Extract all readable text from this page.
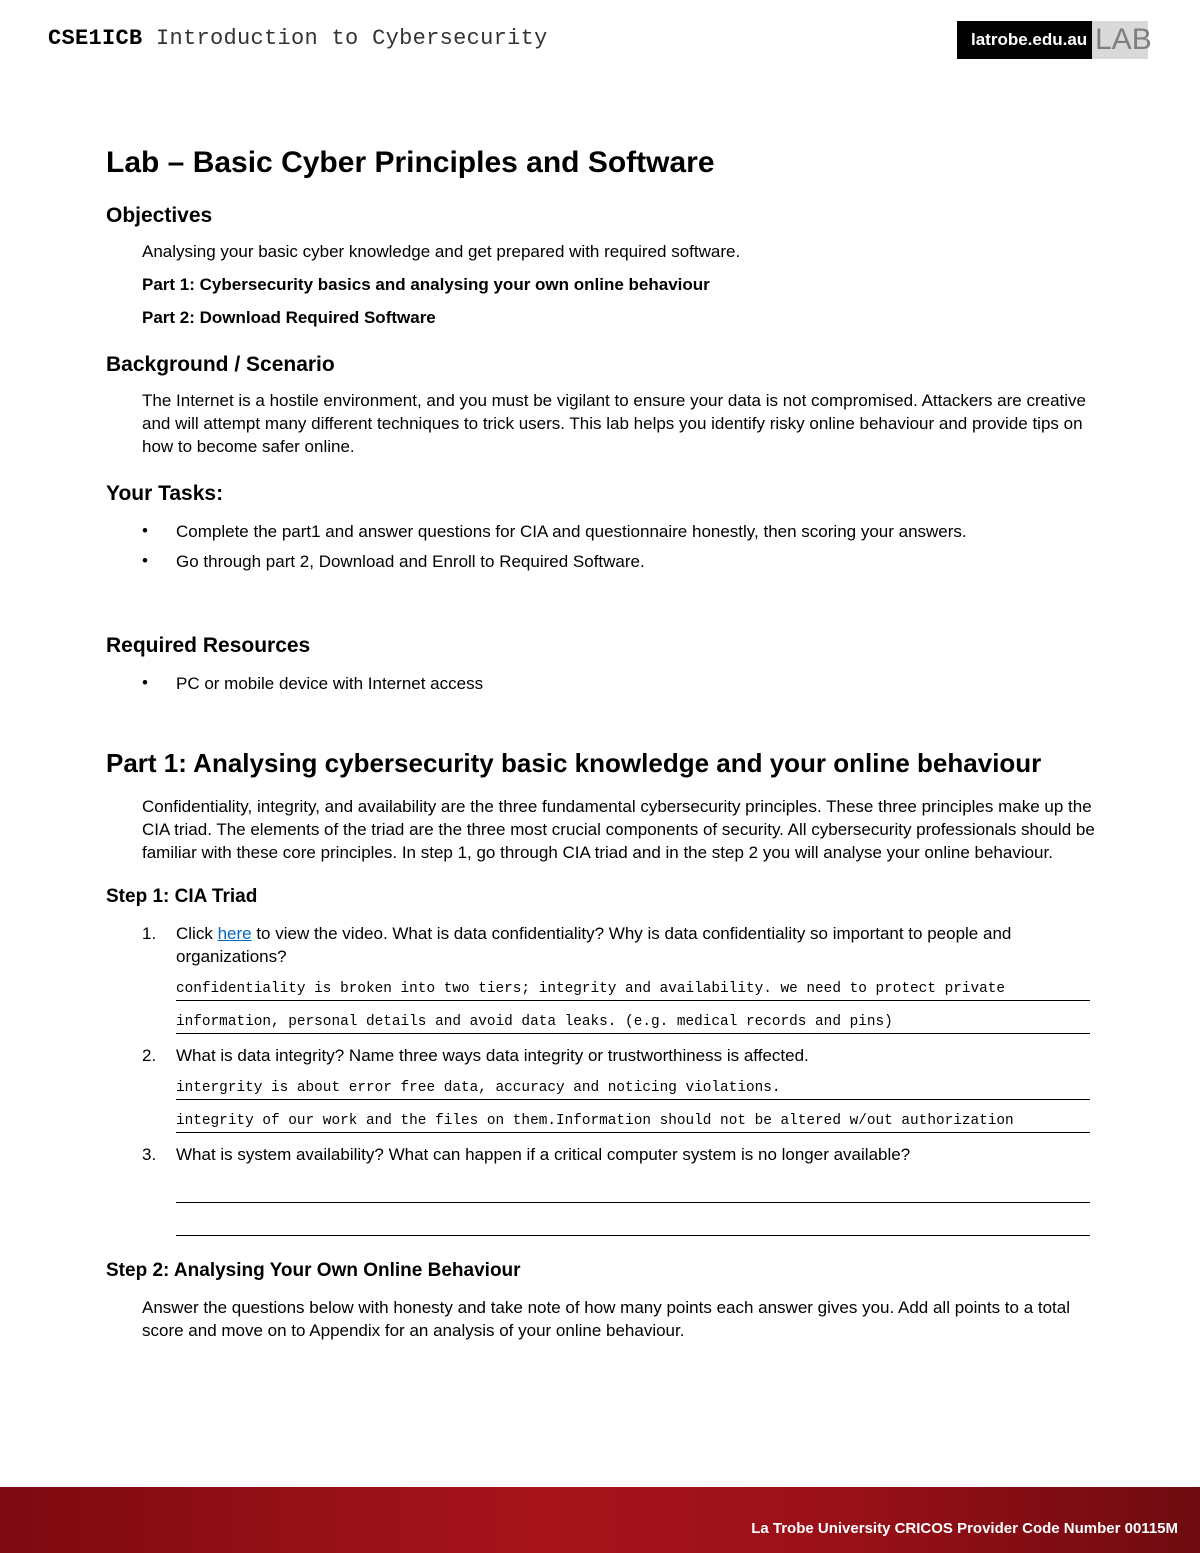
CSE1ICB Introduction to Cybersecurity	latrobe.edu.au LAB
Lab – Basic Cyber Principles and Software
Objectives

Analysing your basic cyber knowledge and get prepared with required software.

Part 1: Cybersecurity basics and analysing your own online behaviour

Part 2: Download Required Software

Background / Scenario

The Internet is a hostile environment, and you must be vigilant to ensure your data is not compromised. Attackers are creative and will attempt many different techniques to trick users. This lab helps you identify risky online behaviour and provide tips on how to become safer online.

Your Tasks:
• Complete the part1 and answer questions for CIA and questionnaire honestly, then scoring your answers.
• Go through part 2, Download and Enroll to Required Software.
Required Resources
• PC or mobile device with Internet access
Part 1: Analysing cybersecurity basic knowledge and your online behaviour

Confidentiality, integrity, and availability are the three fundamental cybersecurity principles. These three principles make up the CIA triad. The elements of the triad are the three most crucial components of security. All cybersecurity professionals should be familiar with these core principles. In step 1, go through CIA triad and in the step 2 you will analyse your online behaviour.

Step 1: CIA Triad
1. Click here to view the video. What is data confidentiality? Why is data confidentiality so important to people and organizations?
confidentiality is broken into two tiers; integrity and availability. we need to protect private
information, personal details and avoid data leaks. (e.g. medical records and pins)
2. What is data integrity? Name three ways data integrity or trustworthiness is affected.
intergrity is about error free data, accuracy and noticing violations.
integrity of our work and the files on them.Information should not be altered w/out authorization
3. What is system availability? What can happen if a critical computer system is no longer available?
Step 2: Analysing Your Own Online Behaviour

Answer the questions below with honesty and take note of how many points each answer gives you. Add all points to a total score and move on to Appendix for an analysis of your online behaviour.

La Trobe University CRICOS Provider Code Number 00115M
